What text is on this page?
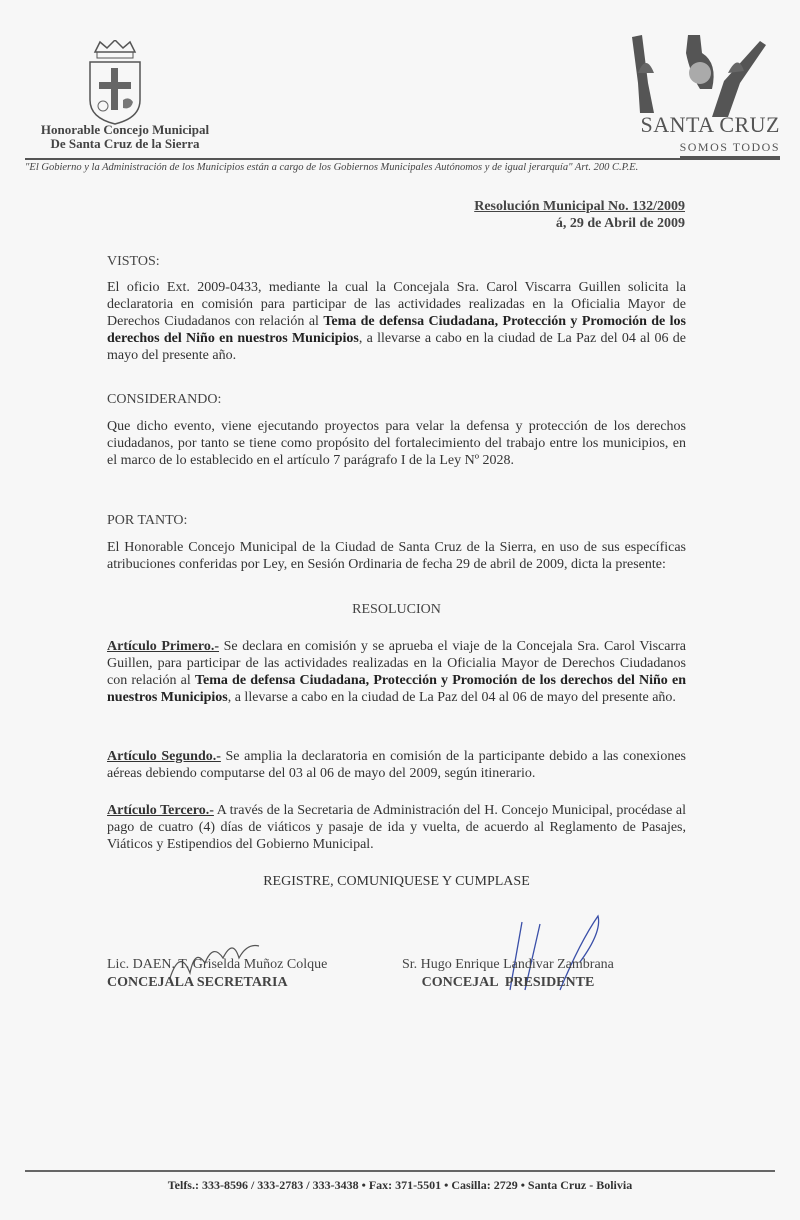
Honorable Concejo Municipal
De Santa Cruz de la Sierra
SANTA CRUZ
SOMOS TODOS
"El Gobierno y la Administración de los Municipios están a cargo de los Gobiernos Municipales Autónomos y de igual jerarquía" Art. 200 C.P.E.
Resolución Municipal No. 132/2009
á, 29 de Abril de 2009
VISTOS:
El oficio Ext. 2009-0433, mediante la cual la Concejala Sra. Carol Viscarra Guillen solicita la declaratoria en comisión para participar de las actividades realizadas en la Oficialia Mayor de Derechos Ciudadanos con relación al Tema de defensa Ciudadana, Protección y Promoción de los derechos del Niño en nuestros Municipios, a llevarse a cabo en la ciudad de La Paz del 04 al 06 de mayo del presente año.
CONSIDERANDO:
Que dicho evento, viene ejecutando proyectos para velar la defensa y protección de los derechos ciudadanos, por tanto se tiene como propósito del fortalecimiento del trabajo entre los municipios, en el marco de lo establecido en el artículo 7 parágrafo I de la Ley Nº 2028.
POR TANTO:
El Honorable Concejo Municipal de la Ciudad de Santa Cruz de la Sierra, en uso de sus específicas atribuciones conferidas por Ley, en Sesión Ordinaria de fecha 29 de abril de 2009, dicta la presente:
RESOLUCION
Artículo Primero.- Se declara en comisión y se aprueba el viaje de la Concejala Sra. Carol Viscarra Guillen, para participar de las actividades realizadas en la Oficialia Mayor de Derechos Ciudadanos con relación al Tema de defensa Ciudadana, Protección y Promoción de los derechos del Niño en nuestros Municipios, a llevarse a cabo en la ciudad de La Paz del 04 al 06 de mayo del presente año.
Artículo Segundo.- Se amplia la declaratoria en comisión de la participante debido a las conexiones aéreas debiendo computarse del 03 al 06 de mayo del 2009, según itinerario.
Artículo Tercero.- A través de la Secretaria de Administración del H. Concejo Municipal, procédase al pago de cuatro (4) días de viáticos y pasaje de ida y vuelta, de acuerdo al Reglamento de Pasajes, Viáticos y Estipendios del Gobierno Municipal.
REGISTRE, COMUNIQUESE Y CUMPLASE
Lic. DAEN. T. Griselda Muñoz Colque
CONCEJALA SECRETARIA
Sr. Hugo Enrique Landivar Zambrana
CONCEJAL  PRESIDENTE
Telfs.: 333-8596 / 333-2783 / 333-3438 • Fax: 371-5501 • Casilla: 2729 • Santa Cruz - Bolivia
